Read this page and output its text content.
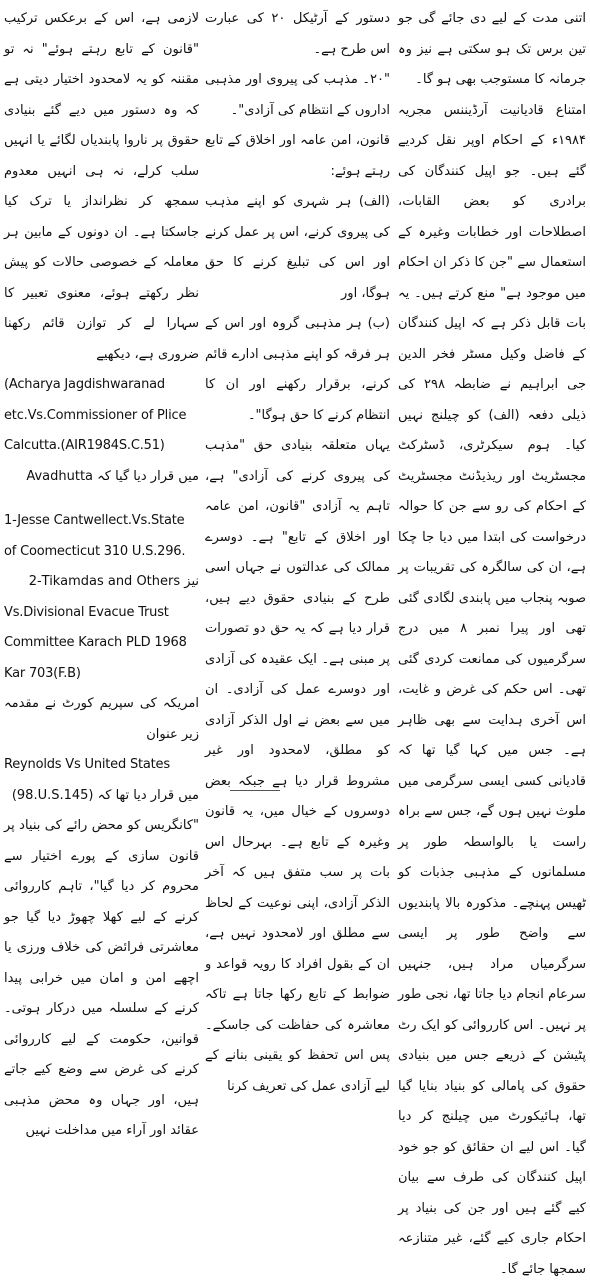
اتنی مدت کے لیے دی جائے گی جو تین برس تک ہو سکتی ہے نیز وہ جرمانہ کا مستوجب بھی ہو گا۔

امتناع قادیانیت آرڈیننس مجریہ ۱۹۸۴ء کے احکام اوپر نقل کردیے گئے ہیں۔ جو اپیل کنندگان کی برادری کو بعض القابات، اصطلاحات اور خطابات وغیرہ کے استعمال سے "جن کا ذکر ان احکام میں موجود ہے" منع کرتے ہیں۔ یہ بات قابل ذکر ہے کہ اپیل کنندگان کے فاضل وکیل مسٹر فخر الدین جی ابراہیم نے ضابطہ ۲۹۸ کی ذیلی دفعہ (الف) کو چیلنج نہیں کیا۔ ہوم سیکرٹری، ڈسٹرکٹ مجسٹریٹ اور ریذیڈنٹ مجسٹریٹ کے احکام کی رو سے جن کا حوالہ درخواست کی ابتدا میں دیا جا چکا ہے، ان کی سالگرہ کی تقریبات پر صوبہ پنجاب میں پابندی لگادی گئی تھی اور پیرا نمبر ۸ میں درج سرگرمیوں کی ممانعت کردی گئی تھی۔ اس حکم کی غرض و غایت، اس آخری ہدایت سے بھی ظاہر ہے۔ جس میں کہا گیا تھا کہ قادیانی کسی ایسی سرگرمی میں ملوث نہیں ہوں گے، جس سے براہ راست یا بالواسطہ طور پر مسلمانوں کے مذہبی جذبات کو ٹھیس پہنچے۔ مذکورہ بالا پابندیوں سے واضح طور پر ایسی سرگرمیاں مراد ہیں، جنہیں سرعام انجام دیا جاتا تھا، نجی طور پر نہیں۔ اس کارروائی کو ایک رٹ پٹیشن کے ذریعے جس میں بنیادی حقوق کی پامالی کو بنیاد بنایا گیا تھا، ہائیکورٹ میں چیلنج کر دیا گیا۔ اس لیے ان حقائق کو جو خود اپیل کنندگان کی طرف سے بیان کیے گئے ہیں اور جن کی بنیاد پر احکام جاری کیے گئے، غیر متنازعہ سمجھا جائے گا۔

دستور کے آرٹیکل ۲۰ کی عبارت اس طرح ہے۔

"۲۰۔ مذہب کی پیروی اور مذہبی اداروں کے انتظام کی آزادی"۔

قانون، امن عامہ اور اخلاق کے تابع رہتے ہوئے:

(الف) ہر شہری کو اپنے مذہب کی پیروی کرنے، اس پر عمل کرنے اور اس کی تبلیغ کرنے کا حق ہوگا، اور

(ب) ہر مذہبی گروہ اور اس کے ہر فرقہ کو اپنے مذہبی ادارے قائم کرنے، برقرار رکھنے اور ان کا انتظام کرنے کا حق ہوگا"۔

یہاں متعلقہ بنیادی حق "مذہب کی پیروی کرنے کی آزادی" ہے، تاہم یہ آزادی "قانون، امن عامہ اور اخلاق کے تابع" ہے۔ دوسرے ممالک کی عدالتوں نے جہاں اسی طرح کے بنیادی حقوق دیے ہیں، قرار دیا ہے کہ یہ حق دو تصورات پر مبنی ہے۔ ایک عقیدہ کی آزادی اور دوسرے عمل کی آزادی۔ ان میں سے بعض نے اول الذکر آزادی کو مطلق، لامحدود اور غیر مشروط قرار دیا ہے جبکہ بعض دوسروں کے خیال میں، یہ قانون وغیرہ کے تابع ہے۔ بہرحال اس بات پر سب متفق ہیں کہ آخر الذکر آزادی، اپنی نوعیت کے لحاظ سے مطلق اور لامحدود نہیں ہے، ان کے بقول افراد کا رویہ قواعد و ضوابط کے تابع رکھا جاتا ہے تاکہ معاشرہ کی حفاظت کی جاسکے۔ پس اس تحفظ کو یقینی بنانے کے لیے آزادی عمل کی تعریف کرنا

لازمی ہے، اس کے برعکس ترکیب "قانون کے تابع رہتے ہوئے" نہ تو مقننہ کو یہ لامحدود اختیار دیتی ہے کہ وہ دستور میں دیے گئے بنیادی حقوق پر ناروا پابندیاں لگائے یا انہیں سلب کرلے، نہ ہی انہیں معدوم سمجھ کر نظرانداز یا ترک کیا جاسکتا ہے۔ ان دونوں کے مابین ہر معاملہ کے خصوصی حالات کو پیش نظر رکھتے ہوئے، معنوی تعبیر کا سہارا لے کر توازن قائم رکھنا ضروری ہے، دیکھیے

(Acharya Jagdishwaranad
etc.Vs.Commissioner of Plice
Calcutta.(AIR1984S.C.51)
میں قرار دیا گیا کہ Avadhutta
1-Jesse Cantwellect.Vs.State
of Coomecticut 310 U.S.296.
نیز 2-Tikamdas and Others
Vs.Divisional Evacue Trust
Committee Karach PLD 1968
Kar 703(F.B)

امریکہ کی سپریم کورٹ نے مقدمہ زیر عنوان

Reynolds Vs United States
میں قرار دیا تھا کہ (98.U.S.145)

"کانگریس کو محض رائے کی بنیاد پر قانون سازی کے پورے اختیار سے محروم کر دیا گیا"، تاہم کارروائی کرنے کے لیے کھلا چھوڑ دیا گیا جو معاشرتی فرائض کی خلاف ورزی یا اچھے امن و امان میں خرابی پیدا کرنے کے سلسلہ میں درکار ہوتی۔ قوانین، حکومت کے لیے کارروائی کرنے کی غرض سے وضع کیے جاتے ہیں، اور جہاں وہ محض مذہبی عقائد اور آراء میں مداخلت نہیں
